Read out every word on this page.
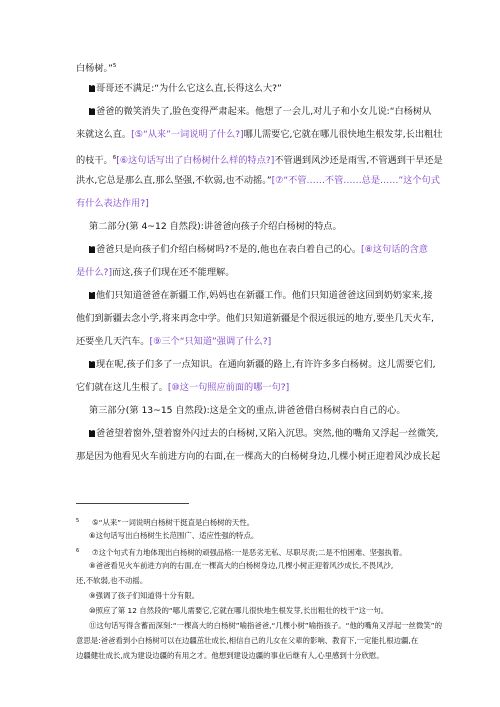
白杨树。”$^5$
11 哥哥还不满足:“为什么它这么直,长得这么大?”
12 爸爸的微笑消失了,脸色变得严肃起来。他想了一会儿,对儿子和小女儿说:“白杨树从
来就这么直。[⑤“从来”一词说明了什么?]哪儿需要它,它就在哪儿很快地生根发芽,长出粗壮
的枝干。$^6$[⑥这句话写出了白杨树什么样的特点?]不管遇到风沙还是雨雪,不管遇到干旱还是
洪水,它总是那么直,那么坚强,不软弱,也不动摇。”[⑦“不管……不管……总是……”这个句式
有什么表达作用?]
第二部分(第 4~12 自然段):讲爸爸向孩子介绍白杨树的特点。
13 爸爸只是向孩子们介绍白杨树吗?不是的,他也在表白着自己的心。[⑧这句话的含意
是什么?]而这,孩子们现在还不能理解。
14 他们只知道爸爸在新疆工作,妈妈也在新疆工作。他们只知道爸爸这回到奶奶家来,接
他们到新疆去念小学,将来再念中学。他们只知道新疆是个很远很远的地方,要坐几天火车,
还要坐几天汽车。[⑨三个“只知道”强调了什么?]
15 现在呢,孩子们多了一点知识。在通向新疆的路上,有许许多多白杨树。这儿需要它们,
它们就在这儿生根了。[⑩这一句照应前面的哪一句?]
第三部分(第 13~15 自然段):这是全文的重点,讲爸爸借白杨树表白自己的心。
16 爸爸望着窗外,望着窗外闪过去的白杨树,又陷入沉思。突然,他的嘴角又浮起一丝微笑,
那是因为他看见火车前进方向的右面,在一棵高大的白杨树身边,几棵小树正迎着风沙成长起
5 ⑤“从来”一词说明白杨树干挺直是白杨树的天性。
⑥这句话写出白杨树生长范围广、适应性强的特点。
6 ⑦这个句式有力地体现出白杨树的顽强品格:一是恶劣无私、尽职尽责;二是不怕困难、坚强执着。
⑧爸爸看见火车前进方向的右面,在一棵高大的白杨树身边,几棵小树正迎着风沙成长,不畏风沙,
还,不软弱,也不动摇。
⑨强调了孩子们知道得十分有限。
⑩照应了第 12 自然段的“哪儿需要它,它就在哪儿很快地生根发芽,长出粗壮的枝干”这一句。
⑪这句话写得含蓄而深刻:“一棵高大的白杨树”喻指爸爸,“几棵小树”喻指孩子。“他的嘴角又浮起一丝微笑”的
意思是:爸爸看到小白杨树可以在边疆茁壮成长,相信自己的儿女在父辈的影响、教育下,一定能扎根边疆,在
边疆健壮成长,成为建设边疆的有用之才。他想到建设边疆的事业后继有人,心里感到十分欣慰。
